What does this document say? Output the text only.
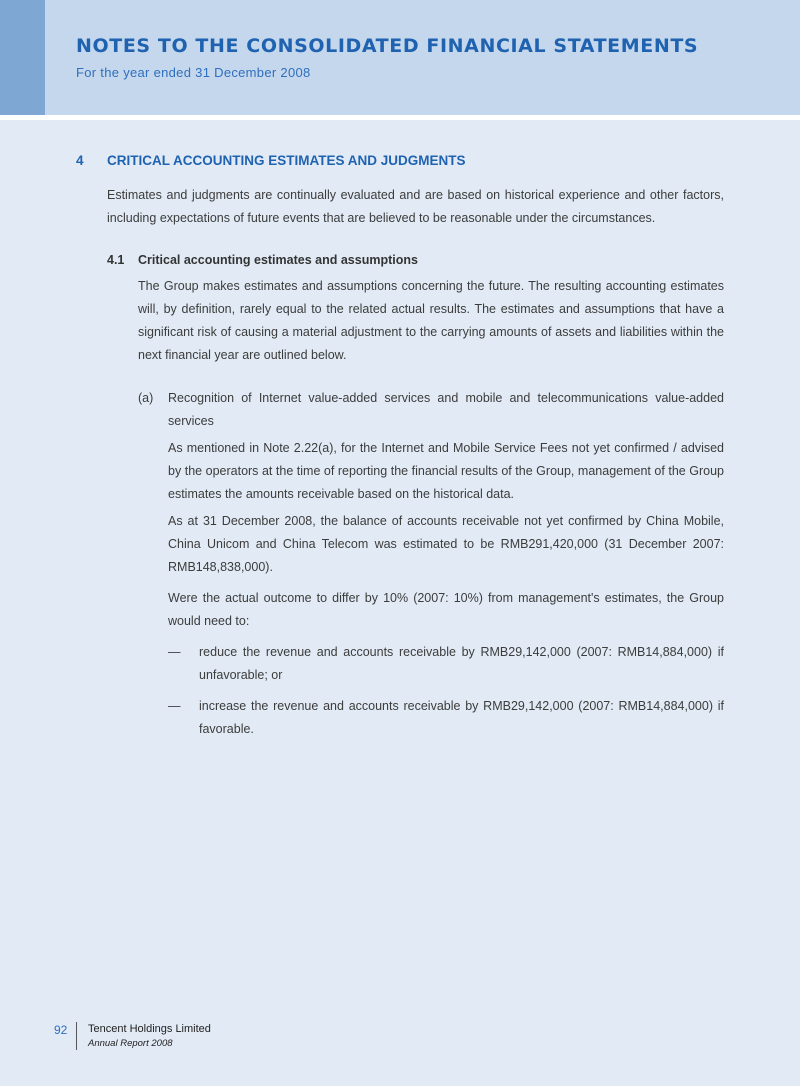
NOTES TO THE CONSOLIDATED FINANCIAL STATEMENTS
For the year ended 31 December 2008
4 CRITICAL ACCOUNTING ESTIMATES AND JUDGMENTS

Estimates and judgments are continually evaluated and are based on historical experience and other factors, including expectations of future events that are believed to be reasonable under the circumstances.

4.1 Critical accounting estimates and assumptions

The Group makes estimates and assumptions concerning the future. The resulting accounting estimates will, by definition, rarely equal to the related actual results. The estimates and assumptions that have a significant risk of causing a material adjustment to the carrying amounts of assets and liabilities within the next financial year are outlined below.

(a) Recognition of Internet value-added services and mobile and telecommunications value-added services

As mentioned in Note 2.22(a), for the Internet and Mobile Service Fees not yet confirmed / advised by the operators at the time of reporting the financial results of the Group, management of the Group estimates the amounts receivable based on the historical data.

As at 31 December 2008, the balance of accounts receivable not yet confirmed by China Mobile, China Unicom and China Telecom was estimated to be RMB291,420,000 (31 December 2007: RMB148,838,000).

Were the actual outcome to differ by 10% (2007: 10%) from management's estimates, the Group would need to:

— reduce the revenue and accounts receivable by RMB29,142,000 (2007: RMB14,884,000) if unfavorable; or

— increase the revenue and accounts receivable by RMB29,142,000 (2007: RMB14,884,000) if favorable.

92 Tencent Holdings Limited
Annual Report 2008
